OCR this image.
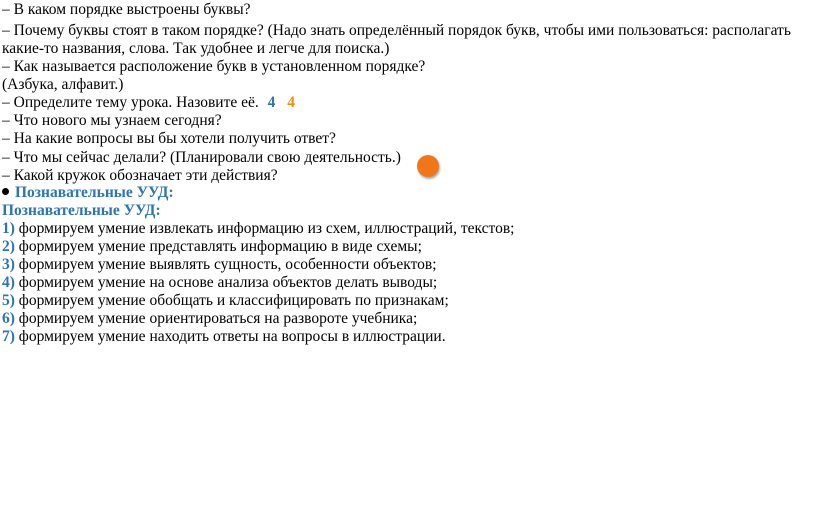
– В каком порядке выстроены буквы?
– Почему буквы стоят в таком порядке? (Надо знать определённый порядок букв, чтобы ими пользоваться: располагать
какие-то названия, слова. Так удобнее и легче для поиска.)
– Как называется расположение букв в установленном порядке?
(Азбука, алфавит.)
– Определите тему урока. Назовите её. 4 4
– Что нового мы узнаем сегодня?
– На какие вопросы вы бы хотели получить ответ?
– Что мы сейчас делали? (Планировали свою деятельность.)
– Какой кружок обозначает эти действия?
Познавательные УУД:
Познавательные УУД:
1) формируем умение извлекать информацию из схем, иллюстраций, текстов;
2) формируем умение представлять информацию в виде схемы;
3) формируем умение выявлять сущность, особенности объектов;
4) формируем умение на основе анализа объектов делать выводы;
5) формируем умение обобщать и классифицировать по признакам;
6) формируем умение ориентироваться на развороте учебника;
7) формируем умение находить ответы на вопросы в иллюстрации.
